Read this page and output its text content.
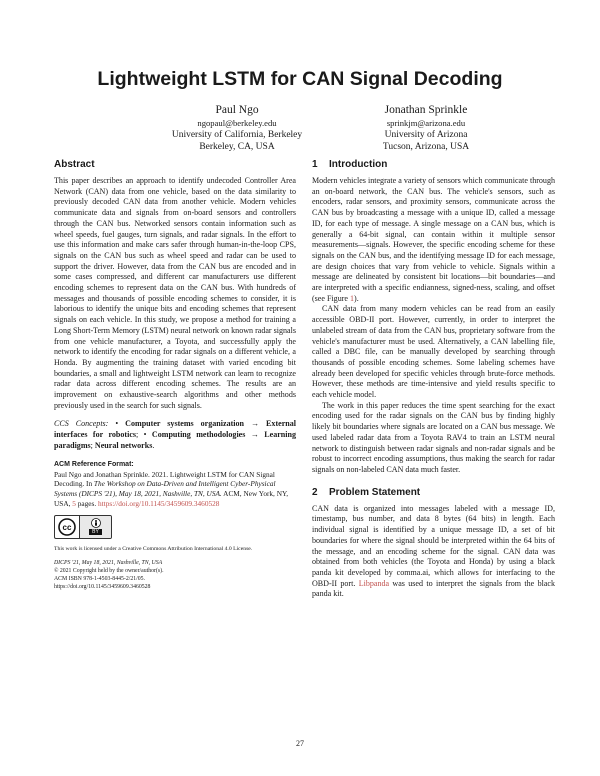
Lightweight LSTM for CAN Signal Decoding
Paul Ngo
ngopaul@berkeley.edu
University of California, Berkeley
Berkeley, CA, USA
Jonathan Sprinkle
sprinkjm@arizona.edu
University of Arizona
Tucson, Arizona, USA
Abstract

This paper describes an approach to identify undecoded Controller Area Network (CAN) data from one vehicle, based on the data similarity to previously decoded CAN data from another vehicle. Modern vehicles communicate data and signals from on-board sensors and controllers through the CAN bus. Networked sensors contain information such as wheel speeds, fuel gauges, turn signals, and radar signals. In the effort to use this information and make cars safer through human-in-the-loop CPS, signals on the CAN bus such as wheel speed and radar can be used to support the driver. However, data from the CAN bus are encoded and in some cases compressed, and different car manufacturers use different encoding schemes to represent data on the CAN bus. With hundreds of messages and thousands of possible encoding schemes to consider, it is laborious to identify the unique bits and encoding schemes that represent signals on each vehicle. In this study, we propose a method for training a Long Short-Term Memory (LSTM) neural network on known radar signals from one vehicle manufacturer, a Toyota, and successfully apply the network to identify the encoding for radar signals on a different vehicle, a Honda. By augmenting the training dataset with varied encoding bit boundaries, a small and lightweight LSTM network can learn to recognize radar data across different encoding schemes. The results are an improvement on exhaustive-search algorithms and other methods previously used in the search for such signals.

CCS Concepts: • Computer systems organization → External interfaces for robotics; • Computing methodologies → Learning paradigms; Neural networks.

ACM Reference Format:
Paul Ngo and Jonathan Sprinkle. 2021. Lightweight LSTM for CAN Signal Decoding. In The Workshop on Data-Driven and Intelligent Cyber-Physical Systems (DICPS '21), May 18, 2021, Nashville, TN, USA. ACM, New York, NY, USA, 5 pages. https://doi.org/10.1145/3459609.3460528
cc
BY
This work is licensed under a Creative Commons Attribution International 4.0 License.
DICPS '21, May 18, 2021, Nashville, TN, USA
© 2021 Copyright held by the owner/author(s).
ACM ISBN 978-1-4503-8445-2/21/05.
https://doi.org/10.1145/3459609.3460528
1 Introduction

Modern vehicles integrate a variety of sensors which communicate through an on-board network, the CAN bus. The vehicle's sensors, such as encoders, radar sensors, and proximity sensors, communicate across the CAN bus by broadcasting a message with a unique ID, called a message ID, for each type of message. A single message on a CAN bus, which is generally a 64-bit signal, can contain within it multiple sensor measurements—signals. However, the specific encoding scheme for these signals on the CAN bus, and the identifying message ID for each message, are design choices that vary from vehicle to vehicle. Signals within a message are delineated by consistent bit locations—bit boundaries—and are interpreted with a specific endianness, signed-ness, scaling, and offset (see Figure 1).

CAN data from many modern vehicles can be read from an easily accessible OBD-II port. However, currently, in order to interpret the unlabeled stream of data from the CAN bus, proprietary software from the vehicle's manufacturer must be used. Alternatively, a CAN labelling file, called a DBC file, can be manually developed by searching through thousands of possible encoding schemes. Some labeling schemes have already been developed for specific vehicles through brute-force methods. However, these methods are time-intensive and yield results specific to each vehicle model.

The work in this paper reduces the time spent searching for the exact encoding used for the radar signals on the CAN bus by finding highly likely bit boundaries where signals are located on a CAN bus message. We used labeled radar data from a Toyota RAV4 to train an LSTM neural network to distinguish between radar signals and non-radar signals and be robust to incorrect encoding assumptions, thus making the search for radar signals on non-labeled CAN data much faster.

2 Problem Statement

CAN data is organized into messages labeled with a message ID, timestamp, bus number, and data 8 bytes (64 bits) in length. Each individual signal is identified by a unique message ID, a set of bit boundaries for where the signal should be interpreted within the 64 bits of the message, and an encoding scheme for the signal. CAN data was obtained from both vehicles (the Toyota and Honda) by using a black panda kit developed by comma.ai, which allows for interfacing to the OBD-II port. Libpanda was used to interpret the signals from the black panda kit.

27
